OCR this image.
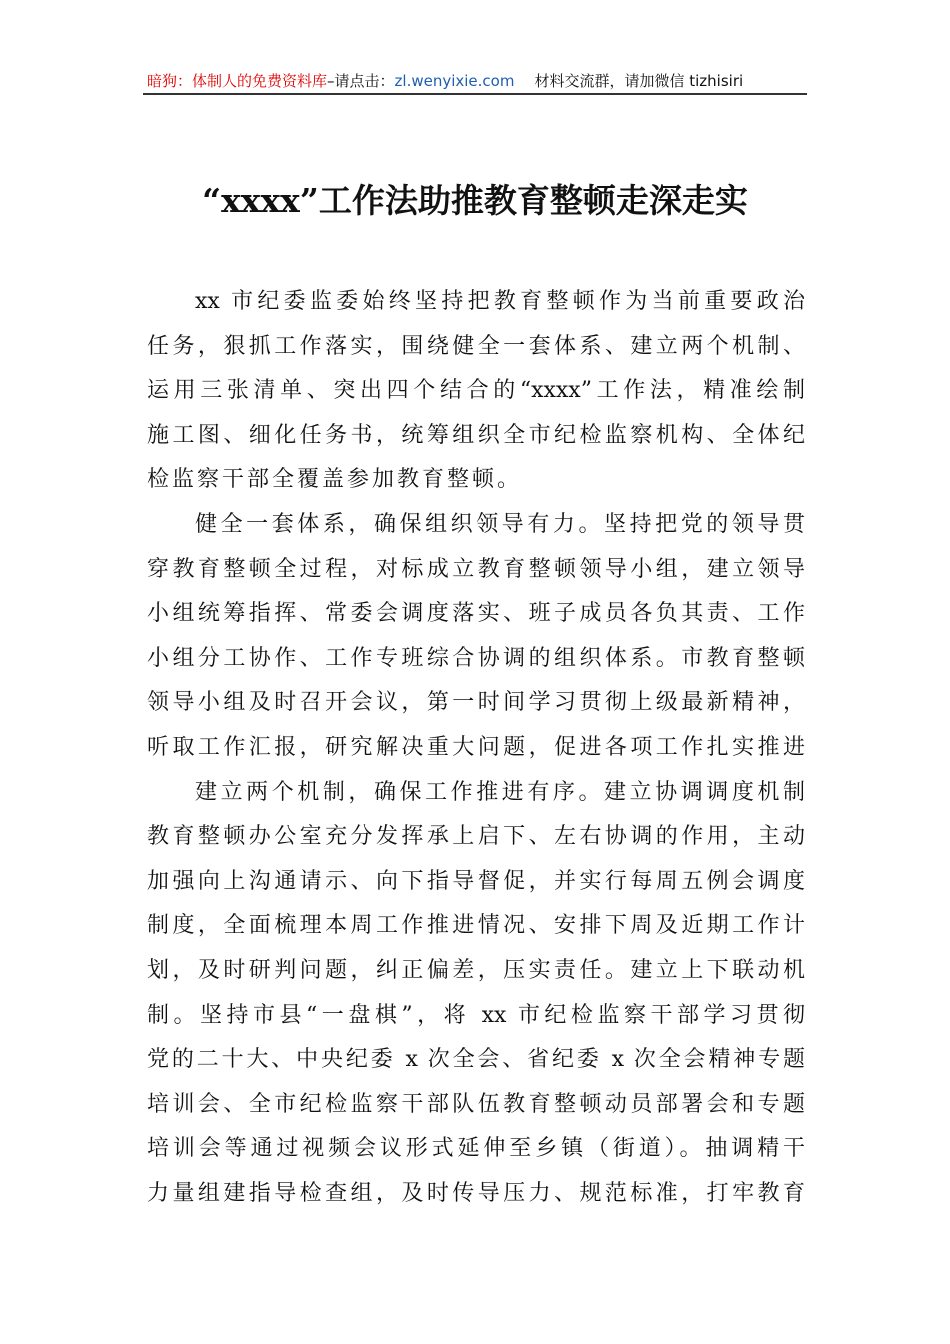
暗狗：体制人的免费资料库–请点击：zl.wenyixie.com 材料交流群，请加微信 tizhisiri
“xxxx”工作法助推教育整顿走深走实
xx 市纪委监委始终坚持把教育整顿作为当前重要政治
任务，狠抓工作落实，围绕健全一套体系、建立两个机制、
运用三张清单、突出四个结合的“xxxx”工作法，精准绘制
施工图、细化任务书，统筹组织全市纪检监察机构、全体纪
检监察干部全覆盖参加教育整顿。
健全一套体系，确保组织领导有力。坚持把党的领导贯
穿教育整顿全过程，对标成立教育整顿领导小组，建立领导
小组统筹指挥、常委会调度落实、班子成员各负其责、工作
小组分工协作、工作专班综合协调的组织体系。市教育整顿
领导小组及时召开会议，第一时间学习贯彻上级最新精神，
听取工作汇报，研究解决重大问题，促进各项工作扎实推进
建立两个机制，确保工作推进有序。建立协调调度机制
教育整顿办公室充分发挥承上启下、左右协调的作用，主动
加强向上沟通请示、向下指导督促，并实行每周五例会调度
制度，全面梳理本周工作推进情况、安排下周及近期工作计
划，及时研判问题，纠正偏差，压实责任。建立上下联动机
制。坚持市县“一盘棋”，将 xx 市纪检监察干部学习贯彻
党的二十大、中央纪委 x 次全会、省纪委 x 次全会精神专题
培训会、全市纪检监察干部队伍教育整顿动员部署会和专题
培训会等通过视频会议形式延伸至乡镇（街道）。抽调精干
力量组建指导检查组，及时传导压力、规范标准，打牢教育
